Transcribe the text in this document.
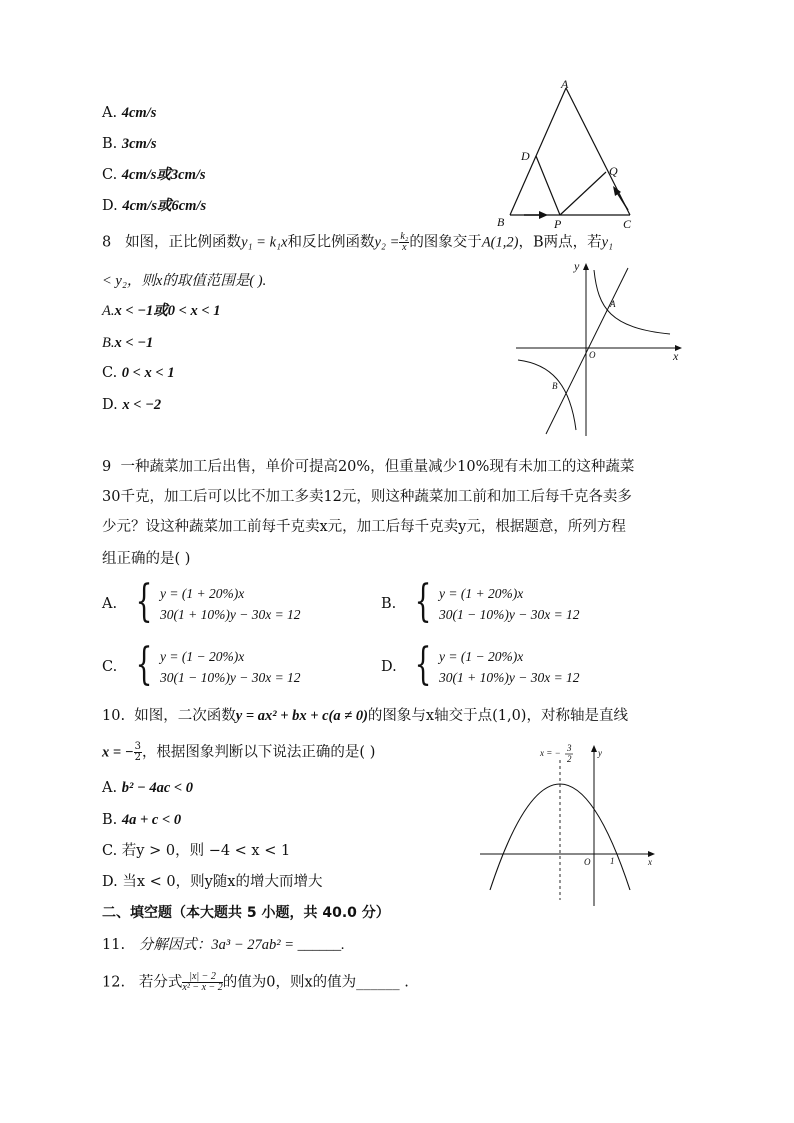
A. 4cm/s
B. 3cm/s
C. 4cm/s或3cm/s
D. 4cm/s或6cm/s
A
D
Q
B	P	C
8 如图，正比例函数y₁ = k₁x和反比例函数$y_2 = \frac{\text{k₂}}{x}$ 的图象交于A(1,2)，B两点，若y₁
< y₂，则x的取值范围是( ).
A.x < −1或0 < x < 1
B.x < −1
C. 0 < x < 1
D. x < −2
y
x
O
A
B
9 一种蔬菜加工后出售，单价可提高20%，但重量减少10%现有未加工的这种蔬菜
30千克，加工后可以比不加工多卖12元，则这种蔬菜加工前和加工后每千克各卖多
少元？设这种蔬菜加工前每千克卖x元，加工后每千克卖y元，根据题意，所列方程
组正确的是( )
A. { y = (1 + 20%)x
30(1 + 10%)y − 30x = 12
B. { y = (1 + 20%)x
30(1 − 10%)y − 30x = 12
C. { y = (1 − 20%)x
30(1 − 10%)y − 30x = 12
D. { y = (1 − 20%)x
30(1 + 10%)y − 30x = 12
10. 如图，二次函数y = ax² + bx + c(a ≠ 0)的图象与x轴交于点(1,0)，对称轴是直线
x = − $\frac{3}{2}$ ，根据图象判断以下说法正确的是( )
A. b² − 4ac < 0
B. 4a + c < 0
C. 若y > 0，则 −4 < x < 1
D. 当x < 0，则y随x的增大而增大
x = − 3
2
y
x
O 1
二、填空题（本大题共 5 小题，共 40.0 分）
11. 分解因式：3a³ − 27ab² = ______.
12. 若分式 $\frac{|x| - 2}{\text{x² − x − 2}}$ 的值为0，则x的值为______ .
